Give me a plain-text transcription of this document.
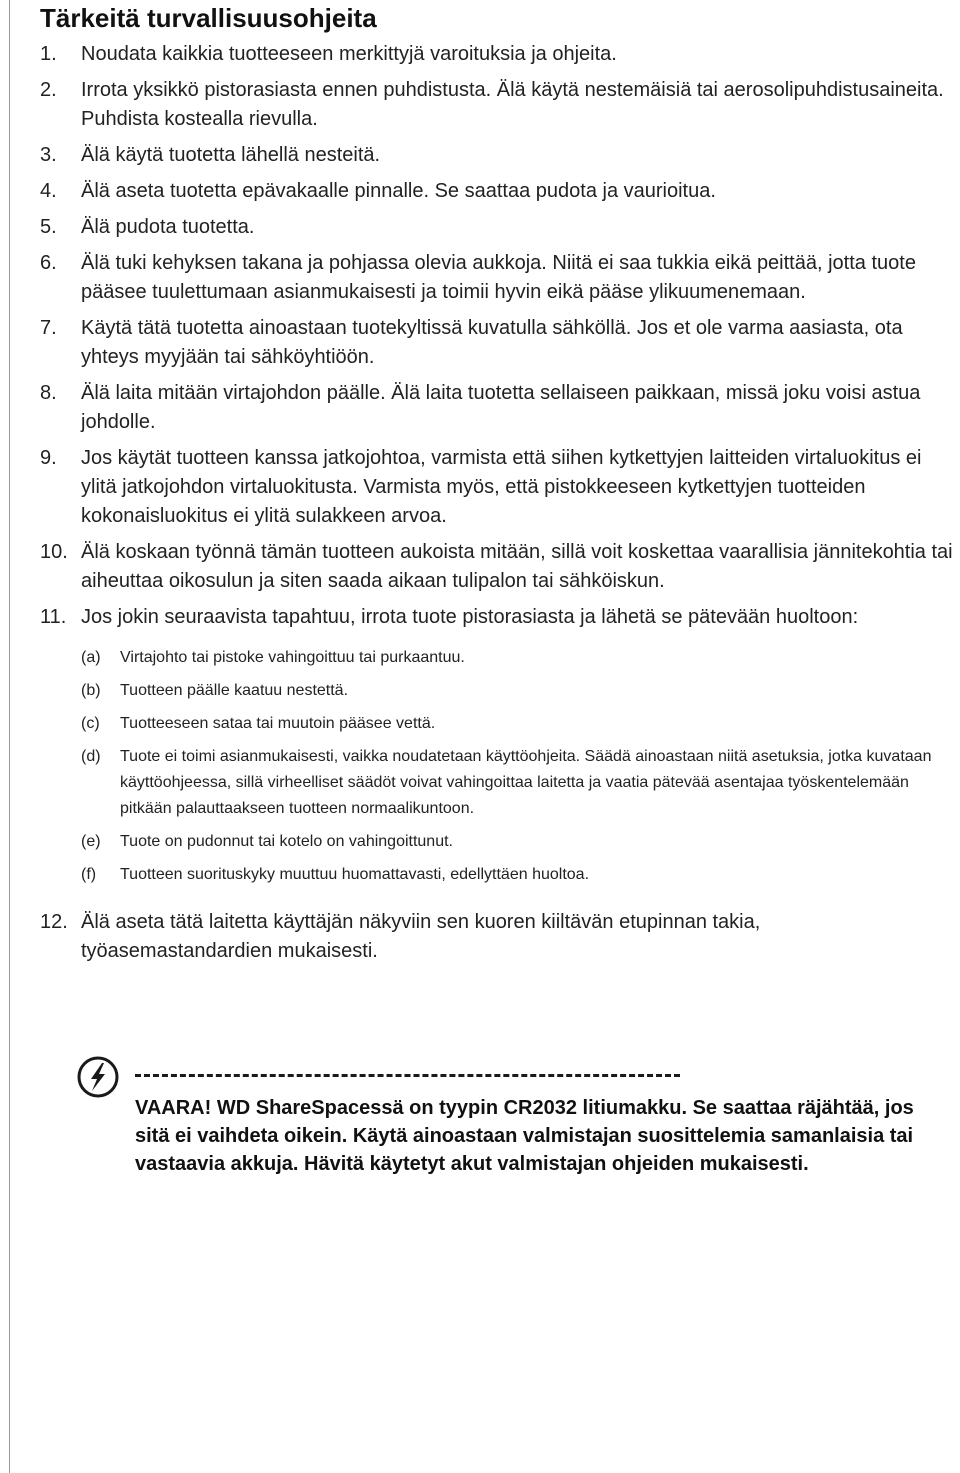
Tärkeitä turvallisuusohjeita
1. Noudata kaikkia tuotteeseen merkittyjä varoituksia ja ohjeita.
2. Irrota yksikkö pistorasiasta ennen puhdistusta. Älä käytä nestemäisiä tai aerosolipuhdistusaineita. Puhdista kostealla rievulla.
3. Älä käytä tuotetta lähellä nesteitä.
4. Älä aseta tuotetta epävakaalle pinnalle. Se saattaa pudota ja vaurioitua.
5. Älä pudota tuotetta.
6. Älä tuki kehyksen takana ja pohjassa olevia aukkoja. Niitä ei saa tukkia eikä peittää, jotta tuote pääsee tuulettumaan asianmukaisesti ja toimii hyvin eikä pääse ylikuumenemaan.
7. Käytä tätä tuotetta ainoastaan tuotekyltissä kuvatulla sähköllä. Jos et ole varma aasiasta, ota yhteys myyjään tai sähköyhtiöön.
8. Älä laita mitään virtajohdon päälle. Älä laita tuotetta sellaiseen paikkaan, missä joku voisi astua johdolle.
9. Jos käytät tuotteen kanssa jatkojohtoa, varmista että siihen kytkettyjen laitteiden virtaluokitus ei ylitä jatkojohdon virtaluokitusta. Varmista myös, että pistokkeeseen kytkettyjen tuotteiden kokonaisluokitus ei ylitä sulakkeen arvoa.
10. Älä koskaan työnnä tämän tuotteen aukoista mitään, sillä voit koskettaa vaarallisia jännitekohtia tai aiheuttaa oikosulun ja siten saada aikaan tulipalon tai sähköiskun.
11. Jos jokin seuraavista tapahtuu, irrota tuote pistorasiasta ja lähetä se pätevään huoltoon:
(a) Virtajohto tai pistoke vahingoittuu tai purkaantuu.
(b) Tuotteen päälle kaatuu nestettä.
(c) Tuotteeseen sataa tai muutoin pääsee vettä.
(d) Tuote ei toimi asianmukaisesti, vaikka noudatetaan käyttöohjeita. Säädä ainoastaan niitä asetuksia, jotka kuvataan käyttöohjeessa, sillä virheelliset säädöt voivat vahingoittaa laitetta ja vaatia pätevää asentajaa työskentelemään pitkään palauttaakseen tuotteen normaalikuntoon.
(e) Tuote on pudonnut tai kotelo on vahingoittunut.
(f) Tuotteen suorituskyky muuttuu huomattavasti, edellyttäen huoltoa.
12. Älä aseta tätä laitetta käyttäjän näkyviin sen kuoren kiiltävän etupinnan takia, työasemastandardien mukaisesti.
VAARA! WD ShareSpacessä on tyypin CR2032 litiumakku. Se saattaa räjähtää, jos sitä ei vaihdeta oikein. Käytä ainoastaan valmistajan suosittelemia samanlaisia tai vastaavia akkuja. Hävitä käytetyt akut valmistajan ohjeiden mukaisesti.
